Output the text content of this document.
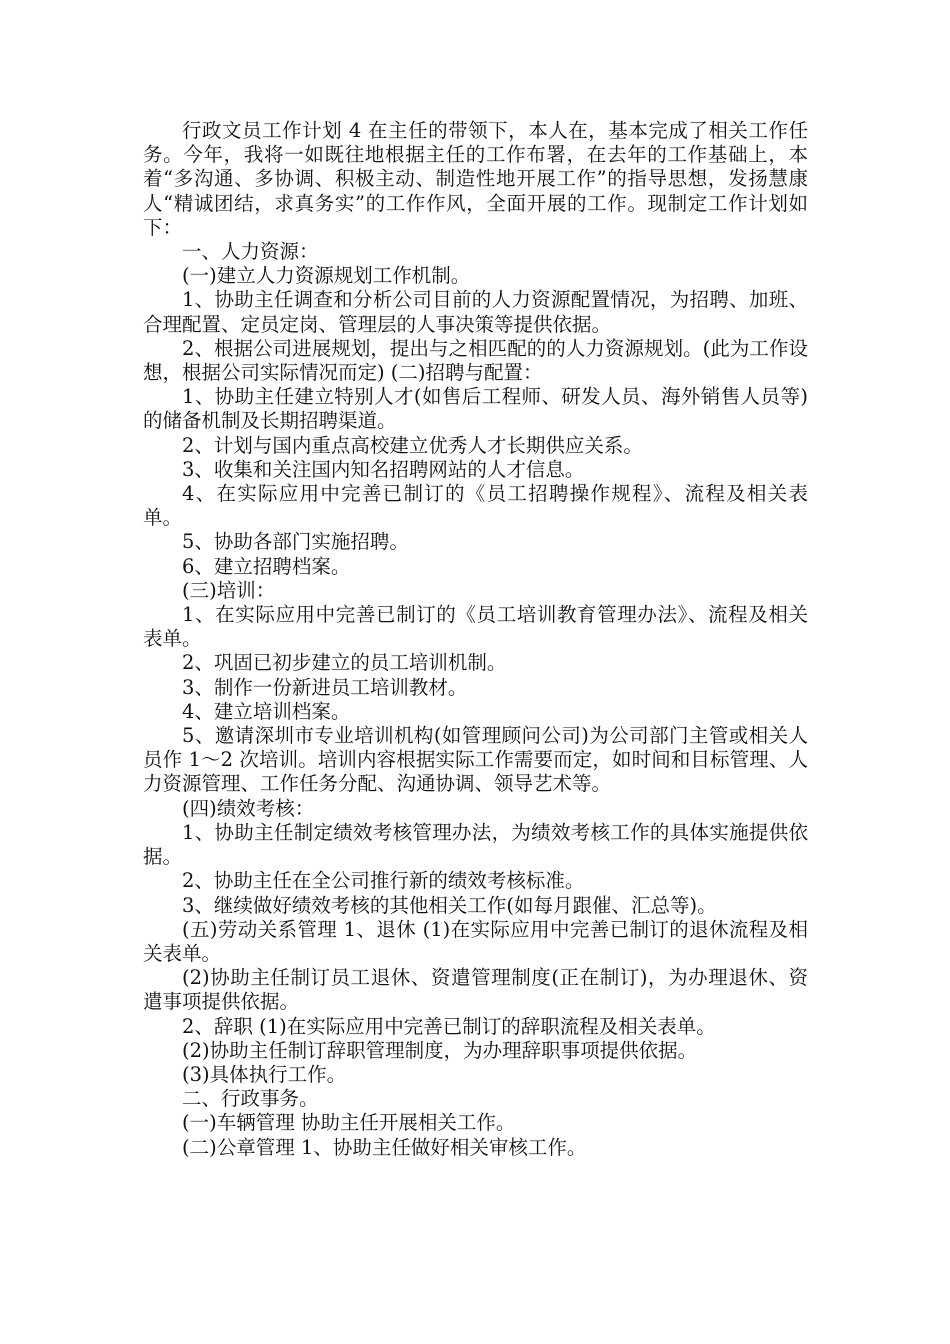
行政文员工作计划 4 在主任的带领下，本人在，基本完成了相关工作任务。今年，我将一如既往地根据主任的工作布署，在去年的工作基础上，本着“多沟通、多协调、积极主动、制造性地开展工作”的指导思想，发扬慧康人“精诚团结，求真务实”的工作作风，全面开展的工作。现制定工作计划如下：

一、人力资源：

(一)建立人力资源规划工作机制。

1、协助主任调查和分析公司目前的人力资源配置情况，为招聘、加班、合理配置、定员定岗、管理层的人事决策等提供依据。

2、根据公司进展规划，提出与之相匹配的的人力资源规划。(此为工作设想，根据公司实际情况而定) (二)招聘与配置：

1、协助主任建立特别人才(如售后工程师、研发人员、海外销售人员等)的储备机制及长期招聘渠道。

2、计划与国内重点高校建立优秀人才长期供应关系。

3、收集和关注国内知名招聘网站的人才信息。

4、在实际应用中完善已制订的《员工招聘操作规程》、流程及相关表单。

5、协助各部门实施招聘。

6、建立招聘档案。

(三)培训：

1、在实际应用中完善已制订的《员工培训教育管理办法》、流程及相关表单。

2、巩固已初步建立的员工培训机制。

3、制作一份新进员工培训教材。

4、建立培训档案。

5、邀请深圳市专业培训机构(如管理顾问公司)为公司部门主管或相关人员作 1～2 次培训。培训内容根据实际工作需要而定，如时间和目标管理、人力资源管理、工作任务分配、沟通协调、领导艺术等。

(四)绩效考核：

1、协助主任制定绩效考核管理办法，为绩效考核工作的具体实施提供依据。

2、协助主任在全公司推行新的绩效考核标准。

3、继续做好绩效考核的其他相关工作(如每月跟催、汇总等)。

(五)劳动关系管理 1、退休 (1)在实际应用中完善已制订的退休流程及相关表单。

(2)协助主任制订员工退休、资遣管理制度(正在制订)，为办理退休、资遣事项提供依据。

2、辞职 (1)在实际应用中完善已制订的辞职流程及相关表单。

(2)协助主任制订辞职管理制度，为办理辞职事项提供依据。

(3)具体执行工作。

二、行政事务。

(一)车辆管理 协助主任开展相关工作。

(二)公章管理 1、协助主任做好相关审核工作。
